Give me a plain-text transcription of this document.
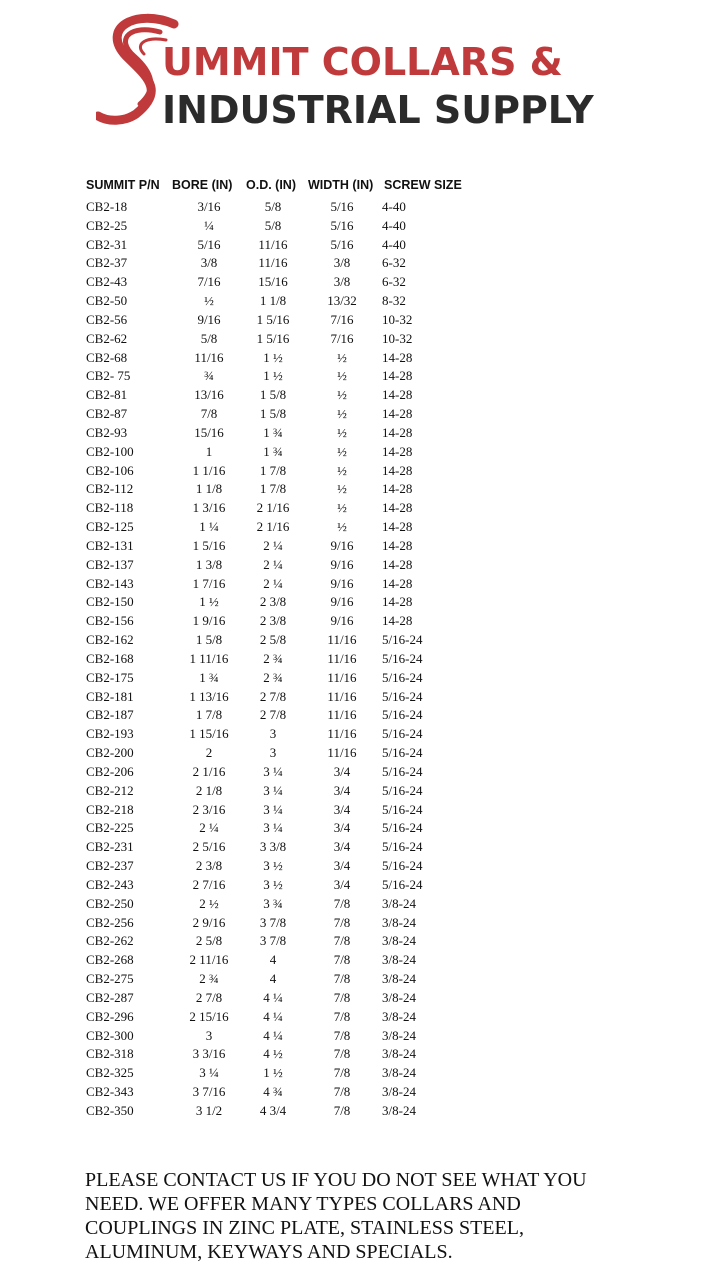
UMMIT COLLARS &
INDUSTRIAL SUPPLY
SUMMIT P/N BORE (IN) O.D. (IN) WIDTH (IN) SCREW SIZE
CB2-18	3/16	5/8	5/16	4-40
CB2-25	¼	5/8	5/16	4-40
CB2-31	5/16	11/16	5/16	4-40
CB2-37	3/8	11/16	3/8	6-32
CB2-43	7/16	15/16	3/8	6-32
CB2-50	½	1 1/8	13/32	8-32
CB2-56	9/16	1 5/16	7/16	10-32
CB2-62	5/8	1 5/16	7/16	10-32
CB2-68	11/16	1 ½	½	14-28
CB2- 75	¾	1 ½	½	14-28
CB2-81	13/16	1 5/8	½	14-28
CB2-87	7/8	1 5/8	½	14-28
CB2-93	15/16	1 ¾	½	14-28
CB2-100	1	1 ¾	½	14-28
CB2-106	1 1/16	1 7/8	½	14-28
CB2-112	1 1/8	1 7/8	½	14-28
CB2-118	1 3/16	2 1/16	½	14-28
CB2-125	1 ¼	2 1/16	½	14-28
CB2-131	1 5/16	2 ¼	9/16	14-28
CB2-137	1 3/8	2 ¼	9/16	14-28
CB2-143	1 7/16	2 ¼	9/16	14-28
CB2-150	1 ½	2 3/8	9/16	14-28
CB2-156	1 9/16	2 3/8	9/16	14-28
CB2-162	1 5/8	2 5/8	11/16	5/16-24
CB2-168	1 11/16	2 ¾	11/16	5/16-24
CB2-175	1 ¾	2 ¾	11/16	5/16-24
CB2-181	1 13/16	2 7/8	11/16	5/16-24
CB2-187	1 7/8	2 7/8	11/16	5/16-24
CB2-193	1 15/16	3	11/16	5/16-24
CB2-200	2	3	11/16	5/16-24
CB2-206	2 1/16	3 ¼	3/4	5/16-24
CB2-212	2 1/8	3 ¼	3/4	5/16-24
CB2-218	2 3/16	3 ¼	3/4	5/16-24
CB2-225	2 ¼	3 ¼	3/4	5/16-24
CB2-231	2 5/16	3 3/8	3/4	5/16-24
CB2-237	2 3/8	3 ½	3/4	5/16-24
CB2-243	2 7/16	3 ½	3/4	5/16-24
CB2-250	2 ½	3 ¾	7/8	3/8-24
CB2-256	2 9/16	3 7/8	7/8	3/8-24
CB2-262	2 5/8	3 7/8	7/8	3/8-24
CB2-268	2 11/16	4	7/8	3/8-24
CB2-275	2 ¾	4	7/8	3/8-24
CB2-287	2 7/8	4 ¼	7/8	3/8-24
CB2-296	2 15/16	4 ¼	7/8	3/8-24
CB2-300	3	4 ¼	7/8	3/8-24
CB2-318	3 3/16	4 ½	7/8	3/8-24
CB2-325	3 ¼	1 ½	7/8	3/8-24
CB2-343	3 7/16	4 ¾	7/8	3/8-24
CB2-350	3 1/2	4 3/4	7/8	3/8-24
PLEASE CONTACT US IF YOU DO NOT SEE WHAT YOU
NEED. WE OFFER MANY TYPES COLLARS AND
COUPLINGS IN ZINC PLATE, STAINLESS STEEL,
ALUMINUM, KEYWAYS AND SPECIALS.
